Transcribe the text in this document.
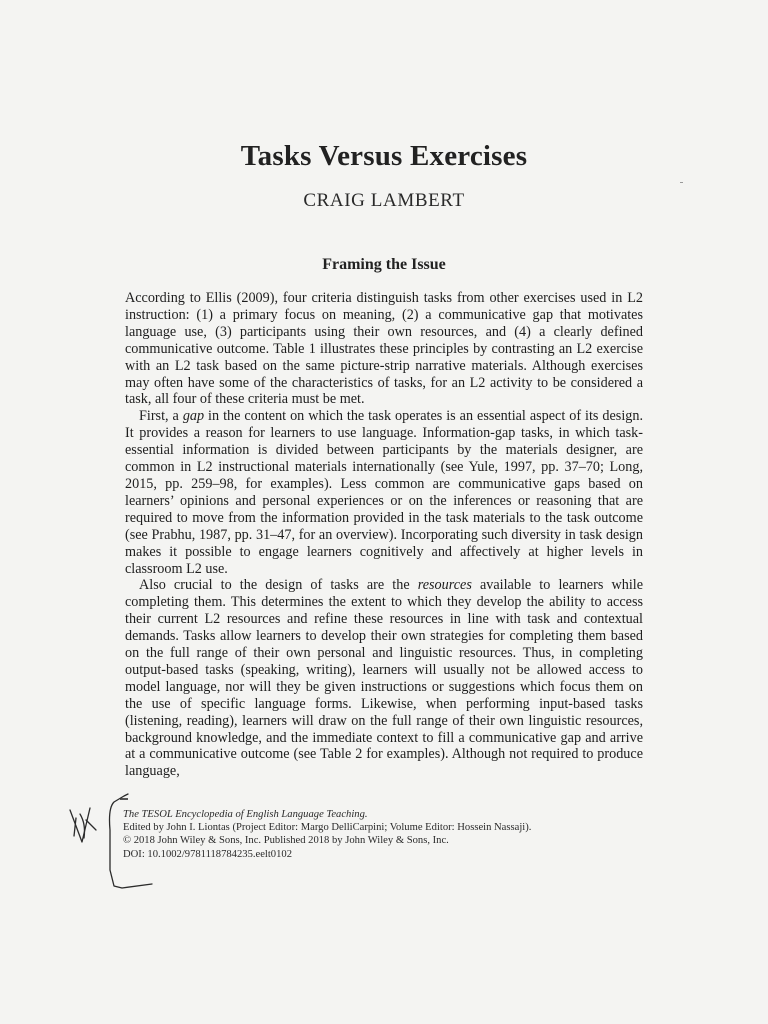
Tasks Versus Exercises
CRAIG LAMBERT
Framing the Issue

According to Ellis (2009), four criteria distinguish tasks from other exercises used in L2 instruction: (1) a primary focus on meaning, (2) a communicative gap that motivates language use, (3) participants using their own resources, and (4) a clearly defined communicative outcome. Table 1 illustrates these principles by contrasting an L2 exercise with an L2 task based on the same picture-strip narrative materials. Although exercises may often have some of the characteristics of tasks, for an L2 activity to be considered a task, all four of these criteria must be met.

First, a gap in the content on which the task operates is an essential aspect of its design. It provides a reason for learners to use language. Information-gap tasks, in which task-essential information is divided between participants by the materials designer, are common in L2 instructional materials internationally (see Yule, 1997, pp. 37–70; Long, 2015, pp. 259–98, for examples). Less common are communicative gaps based on learners’ opinions and personal experiences or on the inferences or reasoning that are required to move from the information provided in the task materials to the task outcome (see Prabhu, 1987, pp. 31–47, for an overview). Incorporating such diversity in task design makes it possible to engage learners cognitively and affectively at higher levels in classroom L2 use.

Also crucial to the design of tasks are the resources available to learners while completing them. This determines the extent to which they develop the ability to access their current L2 resources and refine these resources in line with task and contextual demands. Tasks allow learners to develop their own strategies for completing them based on the full range of their own personal and linguistic resources. Thus, in completing output-based tasks (speaking, writing), learners will usually not be allowed access to model language, nor will they be given instructions or suggestions which focus them on the use of specific language forms. Likewise, when performing input-based tasks (listening, reading), learners will draw on the full range of their own linguistic resources, background knowledge, and the immediate context to fill a communicative gap and arrive at a communicative outcome (see Table 2 for examples). Although not required to produce language,

The TESOL Encyclopedia of English Language Teaching.
Edited by John I. Liontas (Project Editor: Margo DelliCarpini; Volume Editor: Hossein Nassaji).
© 2018 John Wiley & Sons, Inc. Published 2018 by John Wiley & Sons, Inc.
DOI: 10.1002/9781118784235.eelt0102
